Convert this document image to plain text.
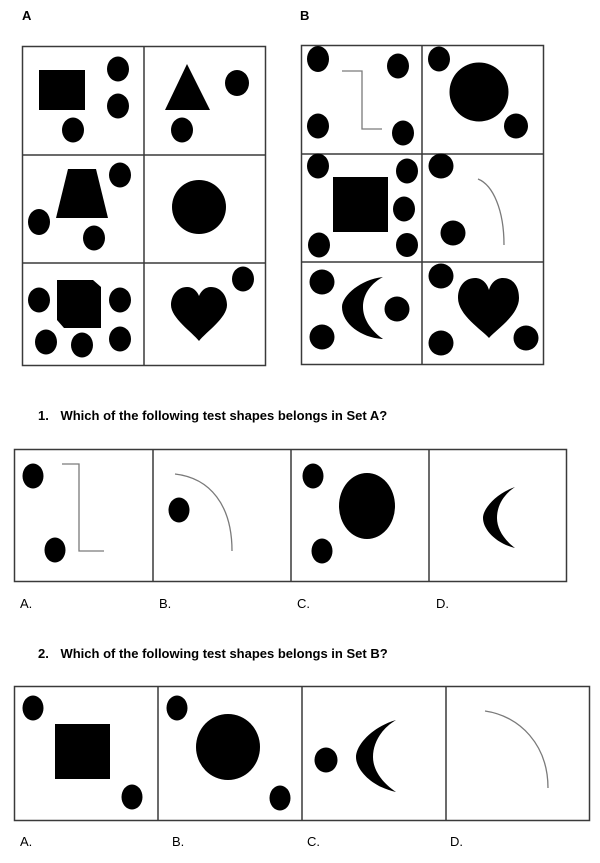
A	B
1. Which of the following test shapes belongs in Set A?
A.	B.	C.	D.
2. Which of the following test shapes belongs in Set B?
A.	B.	C.	D.
